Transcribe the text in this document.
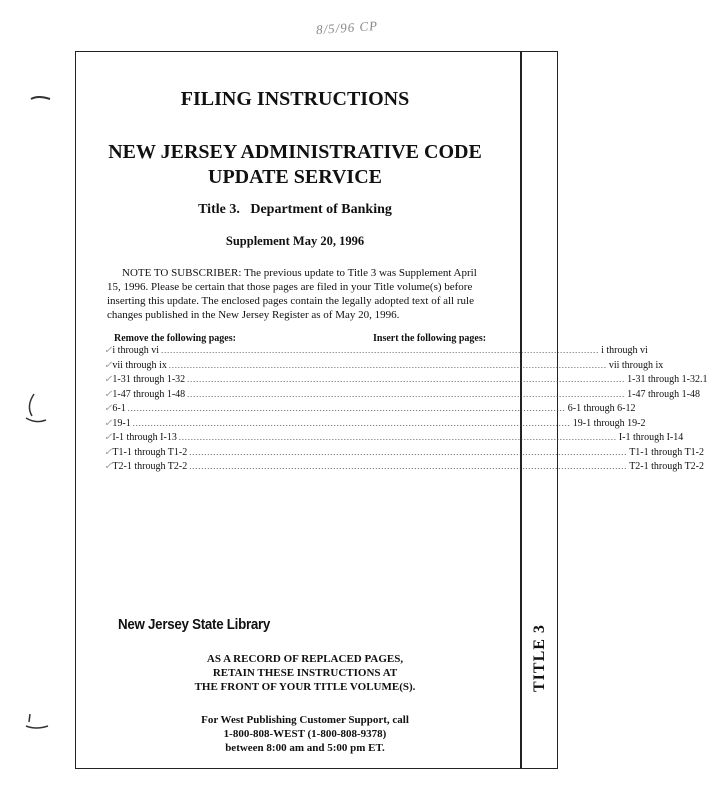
8/5/96 CP
FILING INSTRUCTIONS
NEW JERSEY ADMINISTRATIVE CODE
UPDATE SERVICE
Title 3.   Department of Banking
Supplement May 20, 1996
NOTE TO SUBSCRIBER: The previous update to Title 3 was Supplement April
15, 1996. Please be certain that those pages are filed in your Title volume(s) before
inserting this update. The enclosed pages contain the legally adopted text of all rule
changes published in the New Jersey Register as of May 20, 1996.
Remove the following pages:	Insert the following pages:
✓ i through vi .................................................................................................................................................. i through vi
✓ vii through ix .................................................................................................................................................. vii through ix
✓ 1-31 through 1-32 .................................................................................................................................................. 1-31 through 1-32.1
✓ 1-47 through 1-48 .................................................................................................................................................. 1-47 through 1-48
✓ 6-1 .................................................................................................................................................. 6-1 through 6-12
✓ 19-1 .................................................................................................................................................. 19-1 through 19-2
✓ I-1 through I-13 .................................................................................................................................................. I-1 through I-14
✓ T1-1 through T1-2 .................................................................................................................................................. T1-1 through T1-2
✓ T2-1 through T2-2 .................................................................................................................................................. T2-1 through T2-2
New Jersey State Library
AS A RECORD OF REPLACED PAGES,
RETAIN THESE INSTRUCTIONS AT
THE FRONT OF YOUR TITLE VOLUME(S).
For West Publishing Customer Support, call
1-800-808-WEST (1-800-808-9378)
between 8:00 am and 5:00 pm ET.
TITLE 3
